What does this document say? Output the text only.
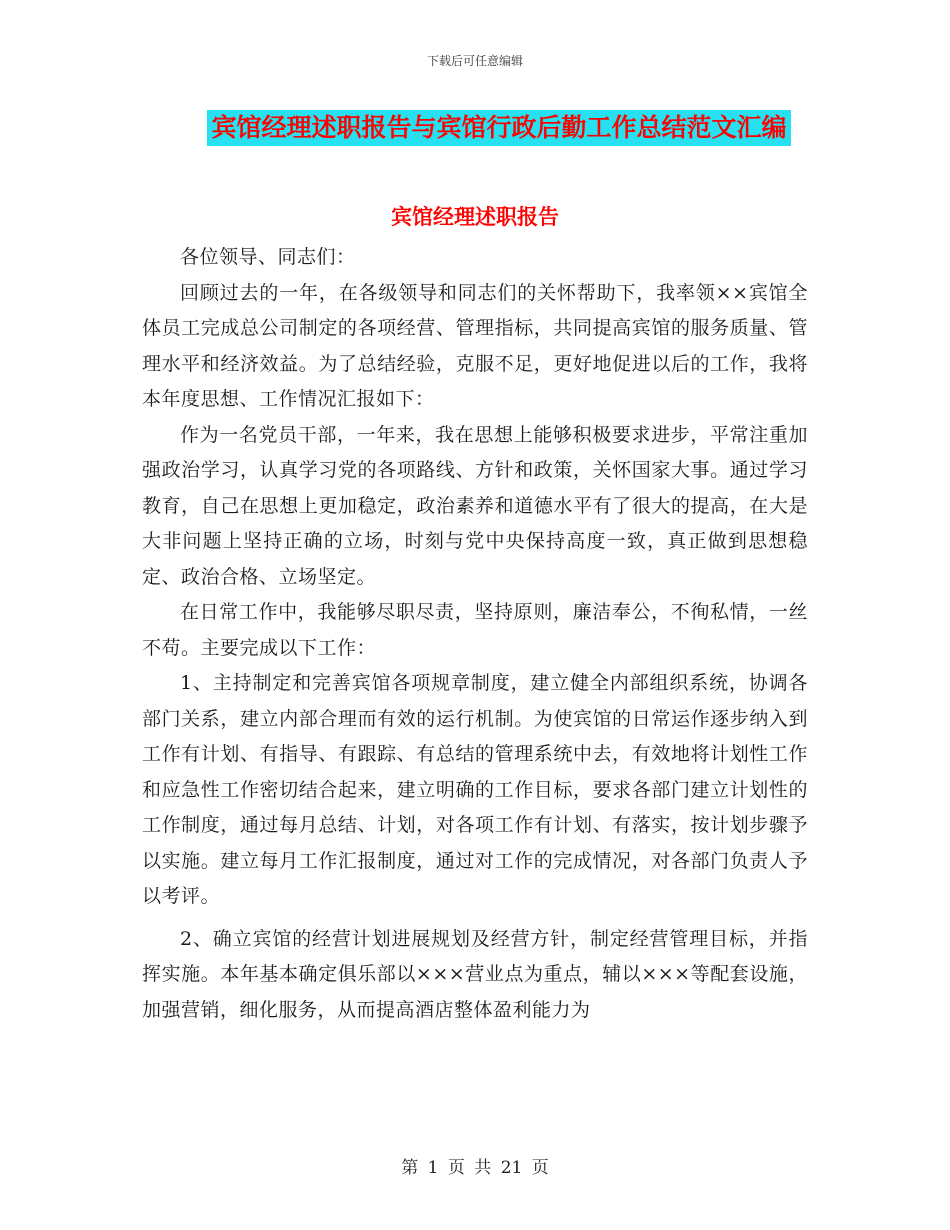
下载后可任意编辑
宾馆经理述职报告与宾馆行政后勤工作总结范文汇编
宾馆经理述职报告

各位领导、同志们：

回顾过去的一年，在各级领导和同志们的关怀帮助下，我率领××宾馆全体员工完成总公司制定的各项经营、管理指标，共同提高宾馆的服务质量、管理水平和经济效益。为了总结经验，克服不足，更好地促进以后的工作，我将本年度思想、工作情况汇报如下：

作为一名党员干部，一年来，我在思想上能够积极要求进步，平常注重加强政治学习，认真学习党的各项路线、方针和政策，关怀国家大事。通过学习教育，自己在思想上更加稳定，政治素养和道德水平有了很大的提高，在大是大非问题上坚持正确的立场，时刻与党中央保持高度一致，真正做到思想稳定、政治合格、立场坚定。

在日常工作中，我能够尽职尽责，坚持原则，廉洁奉公，不徇私情，一丝不苟。主要完成以下工作：

1、主持制定和完善宾馆各项规章制度，建立健全内部组织系统，协调各部门关系，建立内部合理而有效的运行机制。为使宾馆的日常运作逐步纳入到工作有计划、有指导、有跟踪、有总结的管理系统中去，有效地将计划性工作和应急性工作密切结合起来，建立明确的工作目标，要求各部门建立计划性的工作制度，通过每月总结、计划，对各项工作有计划、有落实，按计划步骤予以实施。建立每月工作汇报制度，通过对工作的完成情况，对各部门负责人予以考评。

2、确立宾馆的经营计划进展规划及经营方针，制定经营管理目标，并指挥实施。本年基本确定俱乐部以×××营业点为重点，辅以×××等配套设施，加强营销，细化服务，从而提高酒店整体盈利能力为

第 1 页 共 21 页
